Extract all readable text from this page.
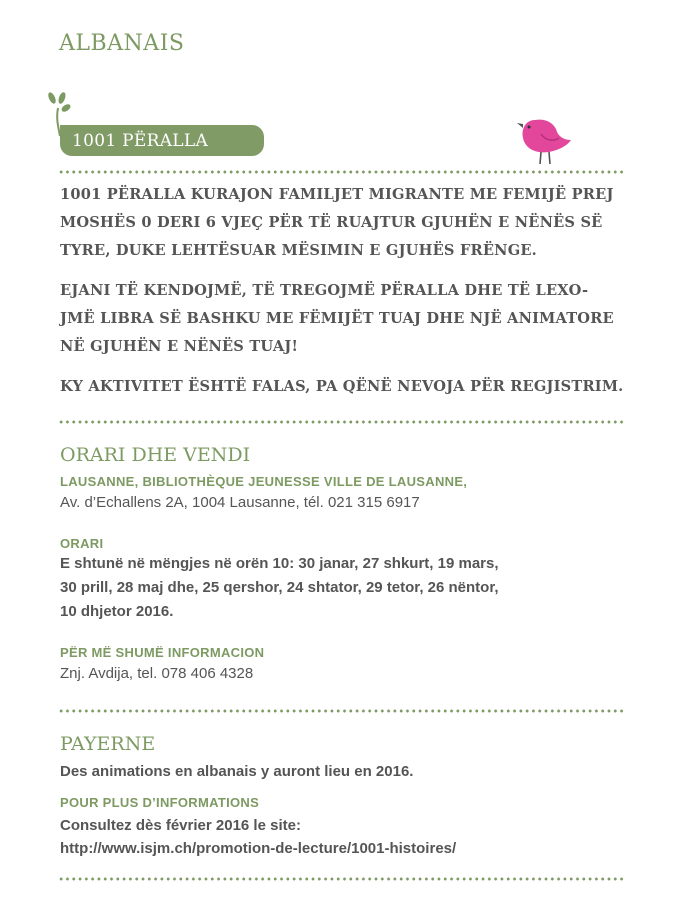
ALBANAIS
1001 PËRALLA
1001 PËRALLA KURAJON FAMILJET MIGRANTE ME FEMIJË PREJ
MOSHËS 0 DERI 6 VJEÇ PËR TË RUAJTUR GJUHËN E NËNËS SË
TYRE, DUKE LEHTËSUAR MËSIMIN E GJUHËS FRËNGE.
EJANI TË KENDOJMË, TË TREGOJMË PËRALLA DHE TË LEXO-
JMË LIBRA SË BASHKU ME FËMIJËT TUAJ DHE NJË ANIMATORE
NË GJUHËN E NËNËS TUAJ!
KY AKTIVITET ËSHTË FALAS, PA QËNË NEVOJA PËR REGJISTRIM.
ORARI DHE VENDI
LAUSANNE, BIBLIOTHÈQUE JEUNESSE VILLE DE LAUSANNE,
Av. d’Echallens 2A, 1004 Lausanne, tél. 021 315 6917
ORARI
E shtunë në mëngjes në orën 10: 30 janar, 27 shkurt, 19 mars,
30 prill, 28 maj dhe, 25 qershor, 24 shtator, 29 tetor, 26 nëntor,
10 dhjetor 2016.
PËR MË SHUMË INFORMACION
Znj. Avdija, tel. 078 406 4328
PAYERNE
Des animations en albanais y auront lieu en 2016.
POUR PLUS D’INFORMATIONS
Consultez dès février 2016 le site:
http://www.isjm.ch/promotion-de-lecture/1001-histoires/
